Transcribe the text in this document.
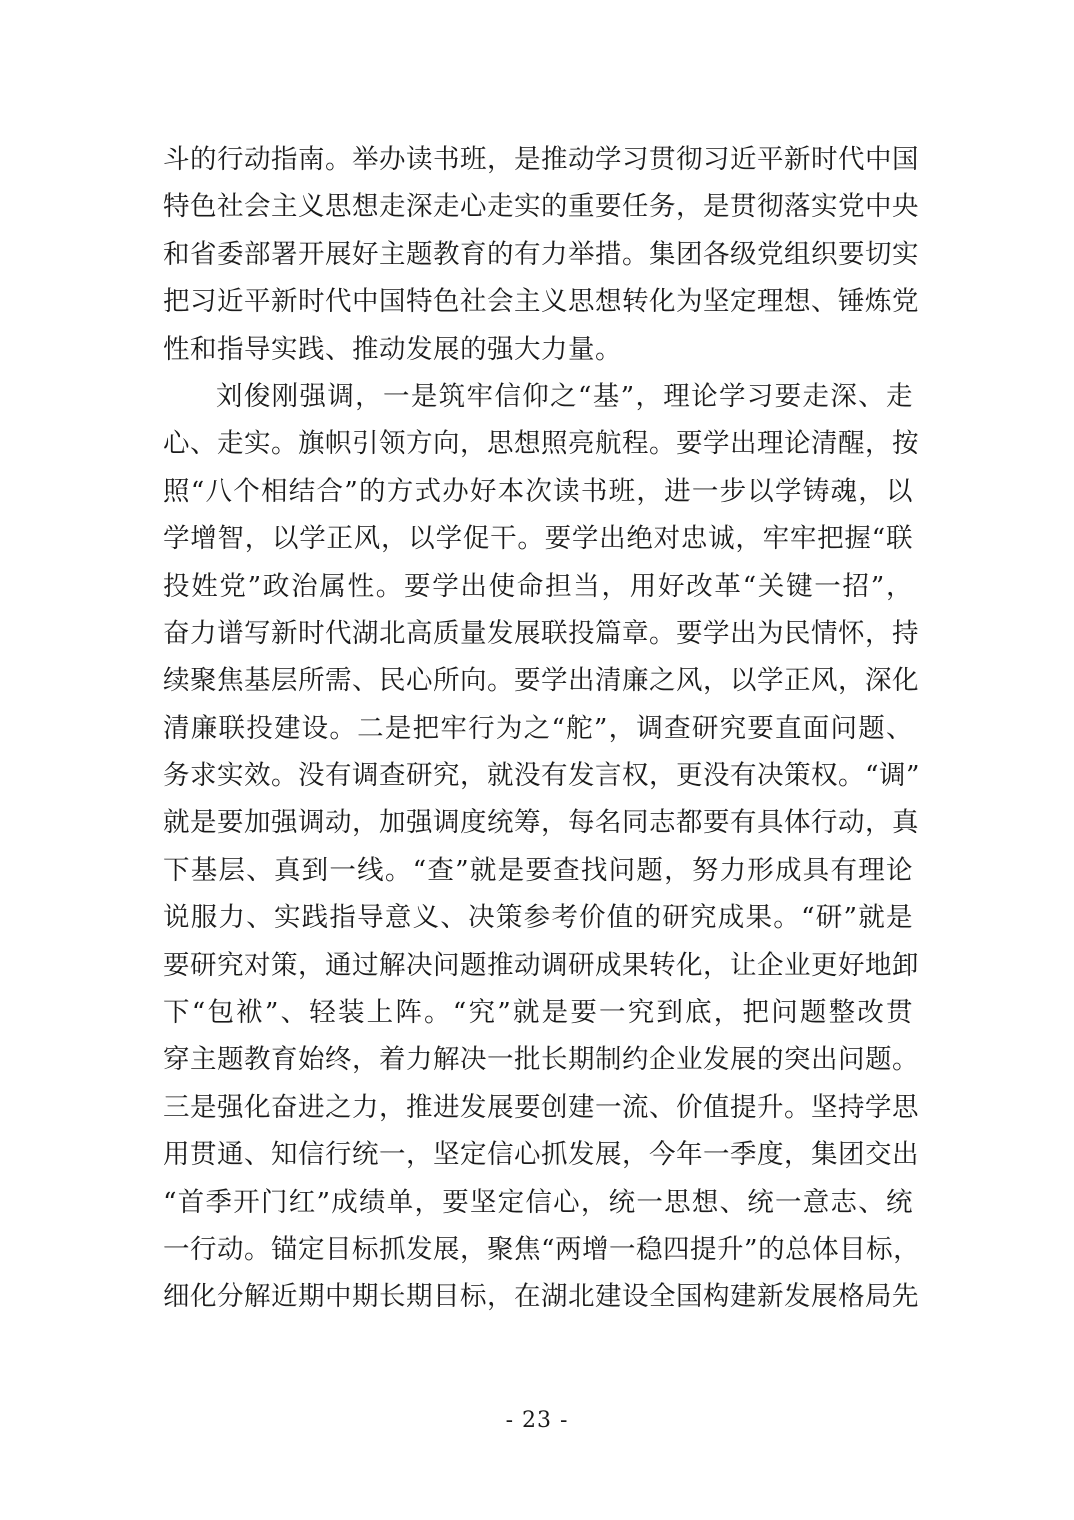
斗的行动指南。举办读书班，是推动学习贯彻习近平新时代中国
特色社会主义思想走深走心走实的重要任务，是贯彻落实党中央
和省委部署开展好主题教育的有力举措。集团各级党组织要切实
把习近平新时代中国特色社会主义思想转化为坚定理想、锤炼党
性和指导实践、推动发展的强大力量。
刘俊刚强调，一是筑牢信仰之“基”，理论学习要走深、走
心、走实。旗帜引领方向，思想照亮航程。要学出理论清醒，按
照“八个相结合”的方式办好本次读书班，进一步以学铸魂，以
学增智，以学正风，以学促干。要学出绝对忠诚，牢牢把握“联
投姓党”政治属性。要学出使命担当，用好改革“关键一招”，
奋力谱写新时代湖北高质量发展联投篇章。要学出为民情怀，持
续聚焦基层所需、民心所向。要学出清廉之风，以学正风，深化
清廉联投建设。二是把牢行为之“舵”，调查研究要直面问题、
务求实效。没有调查研究，就没有发言权，更没有决策权。“调”
就是要加强调动，加强调度统筹，每名同志都要有具体行动，真
下基层、真到一线。“查”就是要查找问题，努力形成具有理论
说服力、实践指导意义、决策参考价值的研究成果。“研”就是
要研究对策，通过解决问题推动调研成果转化，让企业更好地卸
下“包袱”、轻装上阵。“究”就是要一究到底，把问题整改贯
穿主题教育始终，着力解决一批长期制约企业发展的突出问题。
三是强化奋进之力，推进发展要创建一流、价值提升。坚持学思
用贯通、知信行统一，坚定信心抓发展，今年一季度，集团交出
“首季开门红”成绩单，要坚定信心，统一思想、统一意志、统
一行动。锚定目标抓发展，聚焦“两增一稳四提升”的总体目标，
细化分解近期中期长期目标，在湖北建设全国构建新发展格局先
- 23 -
